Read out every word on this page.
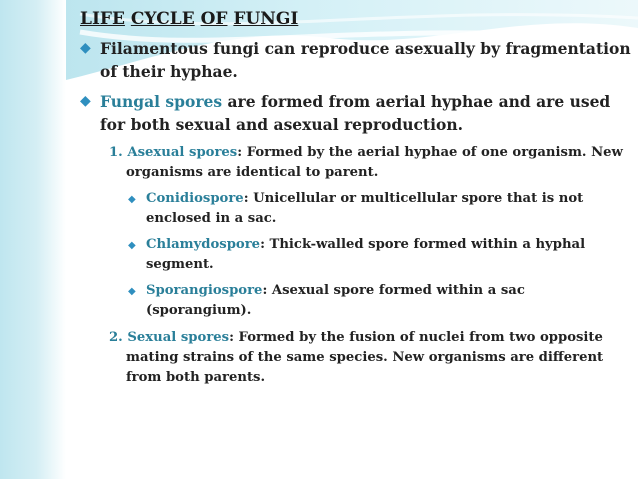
LIFE CYCLE OF FUNGI
◆ Filamentous fungi can reproduce asexually by fragmentation of their hyphae.
◆ Fungal spores are formed from aerial hyphae and are used for both sexual and asexual reproduction.
1. Asexual spores: Formed by the aerial hyphae of one organism. New organisms are identical to parent.
◆ Conidiospore: Unicellular or multicellular spore that is not enclosed in a sac.
◆ Chlamydospore: Thick-walled spore formed within a hyphal segment.
◆ Sporangiospore: Asexual spore formed within a sac (sporangium).
2. Sexual spores: Formed by the fusion of nuclei from two opposite mating strains of the same species. New organisms are different from both parents.
